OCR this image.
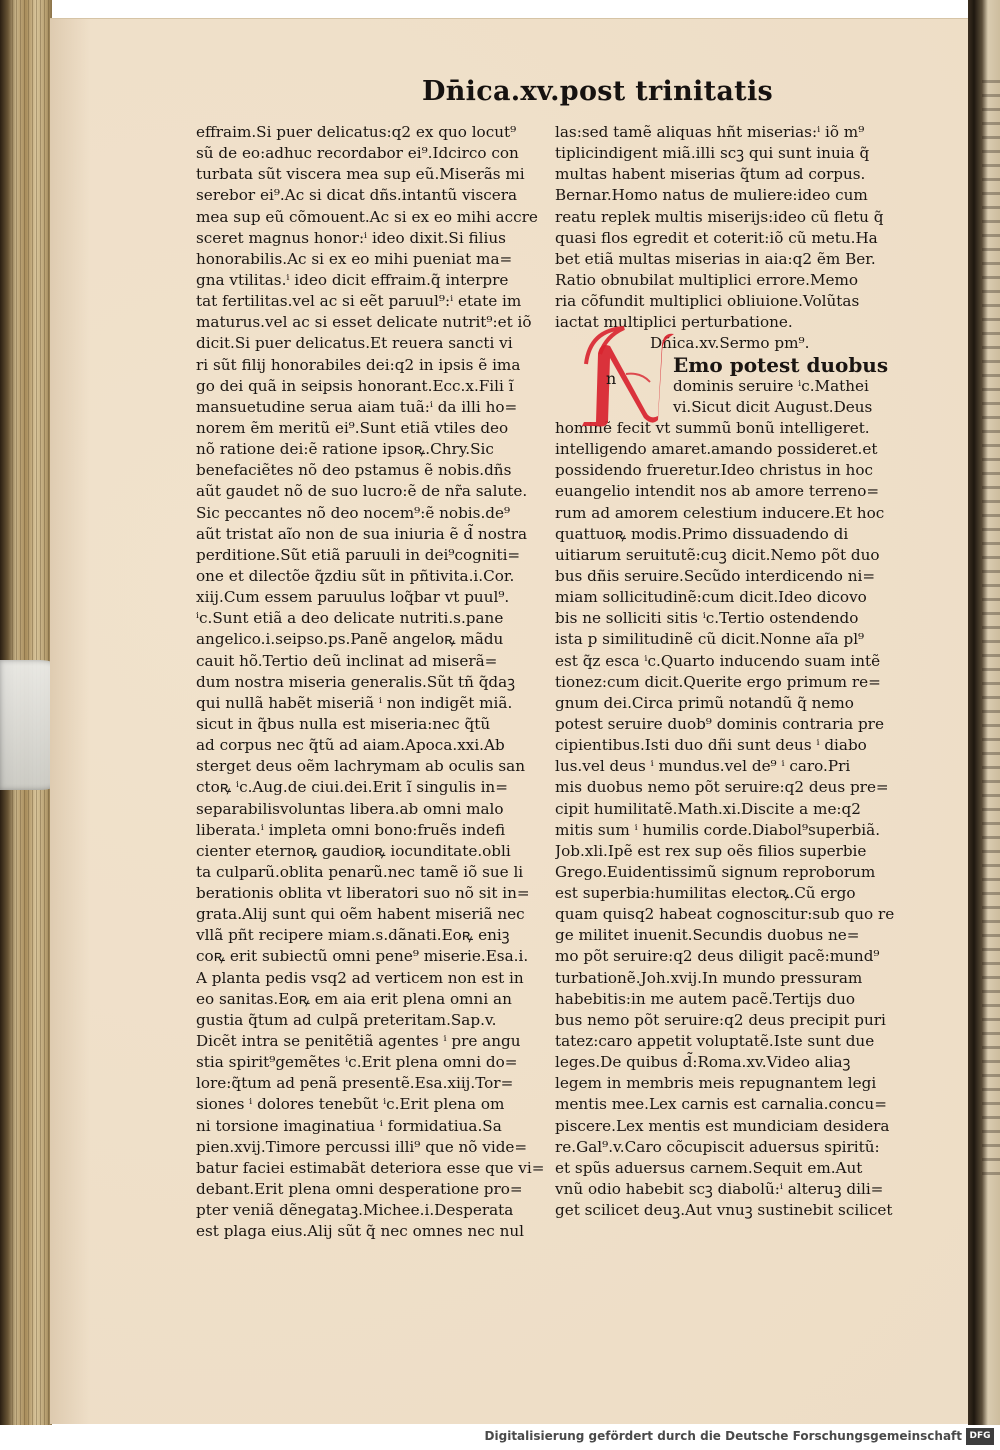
Dn̄ica.xv.post trinitatis
effraim.Si puer delicatus:q2 ex quo locut⁹
sũ de eo:adhuc recordabor ei⁹.Idcirco con
turbata sũt viscera mea sup eũ.Miserãs mi
serebor ei⁹.Ac si dicat dñs.intantũ viscera
mea sup eũ cõmouent.Ac si ex eo mihi accre
sceret magnus honor:ⁱ ideo dixit.Si filius
honorabilis.Ac si ex eo mihi pueniat ma=
gna vtilitas.ⁱ ideo dicit effraim.q̃ interpre
tat fertilitas.vel ac si eẽt paruul⁹:ⁱ etate im
maturus.vel ac si esset delicate nutrit⁹:et iõ
dicit.Si puer delicatus.Et reuera sancti vi
ri sũt filij honorabiles dei:q2 in ipsis ẽ ima
go dei quã in seipsis honorant.Ecc.x.Fili ĩ
mansuetudine serua aiam tuã:ⁱ da illi ho=
norem ẽm meritũ ei⁹.Sunt etiã vtiles deo
nõ ratione dei:ẽ ratione ipsoꝶ.Chry.Sic
benefaciẽtes nõ deo pstamus ẽ nobis.dñs
aũt gaudet nõ de suo lucro:ẽ de nr̃a salute.
Sic peccantes nõ deo nocem⁹:ẽ nobis.de⁹
aũt tristat aĩo non de sua iniuria ẽ d̃ nostra
perditione.Sũt etiã paruuli in dei⁹cogniti=
one et dilectõe q̃zdiu sũt in pñtivita.i.Cor.
xiij.Cum essem paruulus loq̃bar vt puul⁹.
ⁱc.Sunt etiã a deo delicate nutriti.s.pane
angelico.i.seipso.ps.Panẽ angeloꝶ mãdu
cauit hõ.Tertio deũ inclinat ad miserã=
dum nostra miseria generalis.Sũt tñ q̃daꝫ
qui nullã habẽt miseriã ⁱ non indigẽt miã.
sicut in q̃bus nulla est miseria:nec q̃tũ
ad corpus nec q̃tũ ad aiam.Apoca.xxi.Ab
sterget deus oẽm lachrymam ab oculis san
ctoꝶ ⁱc.Aug.de ciui.dei.Erit ĩ singulis in=
separabilisvoluntas libera.ab omni malo
liberata.ⁱ impleta omni bono:fruẽs indefi
cienter eternoꝶ gaudioꝶ iocunditate.obli
ta culparũ.oblita penarũ.nec tamẽ iõ sue li
berationis oblita vt liberatori suo nõ sit in=
grata.Alij sunt qui oẽm habent miseriã nec
vllã pñt recipere miam.s.dãnati.Eoꝶ eniꝫ
coꝶ erit subiectũ omni pene⁹ miserie.Esa.i.
A planta pedis vsq2 ad verticem non est in
eo sanitas.Eoꝶ em aia erit plena omni an
gustia q̃tum ad culpã preteritam.Sap.v.
Dicẽt intra se penitẽtiã agentes ⁱ pre angu
stia spirit⁹gemẽtes ⁱc.Erit plena omni do=
lore:q̃tum ad penã presentẽ.Esa.xiij.Tor=
siones ⁱ dolores tenebũt ⁱc.Erit plena om
ni torsione imaginatiua ⁱ formidatiua.Sa
pien.xvij.Timore percussi illi⁹ que nõ vide=
batur faciei estimabãt deteriora esse que vi=
debant.Erit plena omni desperatione pro=
pter veniã dẽnegataꝫ.Michee.i.Desperata
est plaga eius.Alij sũt q̃ nec omnes nec nul
las:sed tamẽ aliquas hñt miserias:ⁱ iõ m⁹
tiplicindigent miã.illi scꝫ qui sunt inuia q̃
multas habent miserias q̃tum ad corpus.
Bernar.Homo natus de muliere:ideo cum
reatu replek multis miserijs:ideo cũ fletu q̃
quasi flos egredit et coterit:iõ cũ metu.Ha
bet etiã multas miserias in aia:q2 ẽm Ber.
Ratio obnubilat multiplici errore.Memo
ria cõfundit multiplici obliuione.Volũtas
iactat multiplici perturbatione.
Dñica.xv.Sermo pm⁹.
Emo potest duobus
dominis seruire ⁱc.Mathei
vi.Sicut dicit August.Deus
hominẽ fecit vt summũ bonũ intelligeret.
intelligendo amaret.amando possideret.et
possidendo frueretur.Ideo christus in hoc
euangelio intendit nos ab amore terreno=
rum ad amorem celestium inducere.Et hoc
quattuoꝶ modis.Primo dissuadendo di
uitiarum seruitutẽ:cuꝫ dicit.Nemo põt duo
bus dñis seruire.Secũdo interdicendo ni=
miam sollicitudinẽ:cum dicit.Ideo dicovo
bis ne solliciti sitis ⁱc.Tertio ostendendo
ista p similitudinẽ cũ dicit.Nonne aĩa pl⁹
est q̃z esca ⁱc.Quarto inducendo suam intẽ
tionez:cum dicit.Querite ergo primum re=
gnum dei.Circa primũ notandũ q̃ nemo
potest seruire duob⁹ dominis contraria pre
cipientibus.Isti duo dñi sunt deus ⁱ diabo
lus.vel deus ⁱ mundus.vel de⁹ ⁱ caro.Pri
mis duobus nemo põt seruire:q2 deus pre=
cipit humilitatẽ.Math.xi.Discite a me:q2
mitis sum ⁱ humilis corde.Diabol⁹superbiã.
Job.xli.Ipẽ est rex sup oẽs filios superbie
Grego.Euidentissimũ signum reproborum
est superbia:humilitas electoꝶ.Cũ ergo
quam quisq2 habeat cognoscitur:sub quo re
ge militet inuenit.Secundis duobus ne=
mo põt seruire:q2 deus diligit pacẽ:mund⁹
turbationẽ.Joh.xvij.In mundo pressuram
habebitis:in me autem pacẽ.Tertijs duo
bus nemo põt seruire:q2 deus precipit puri
tatez:caro appetit voluptatẽ.Iste sunt due
leges.De quibus d̃:Roma.xv.Video aliaꝫ
legem in membris meis repugnantem legi
mentis mee.Lex carnis est carnalia.concu=
piscere.Lex mentis est mundiciam desidera
re.Gal⁹.v.Caro cõcupiscit aduersus spiritũ:
et spũs aduersus carnem.Sequit em.Aut
vnũ odio habebit scꝫ diabolũ:ⁱ alteruꝫ dili=
get scilicet deuꝫ.Aut vnuꝫ sustinebit scilicet
n
Digitalisierung gefördert durch die Deutsche Forschungsgemeinschaft DFG
